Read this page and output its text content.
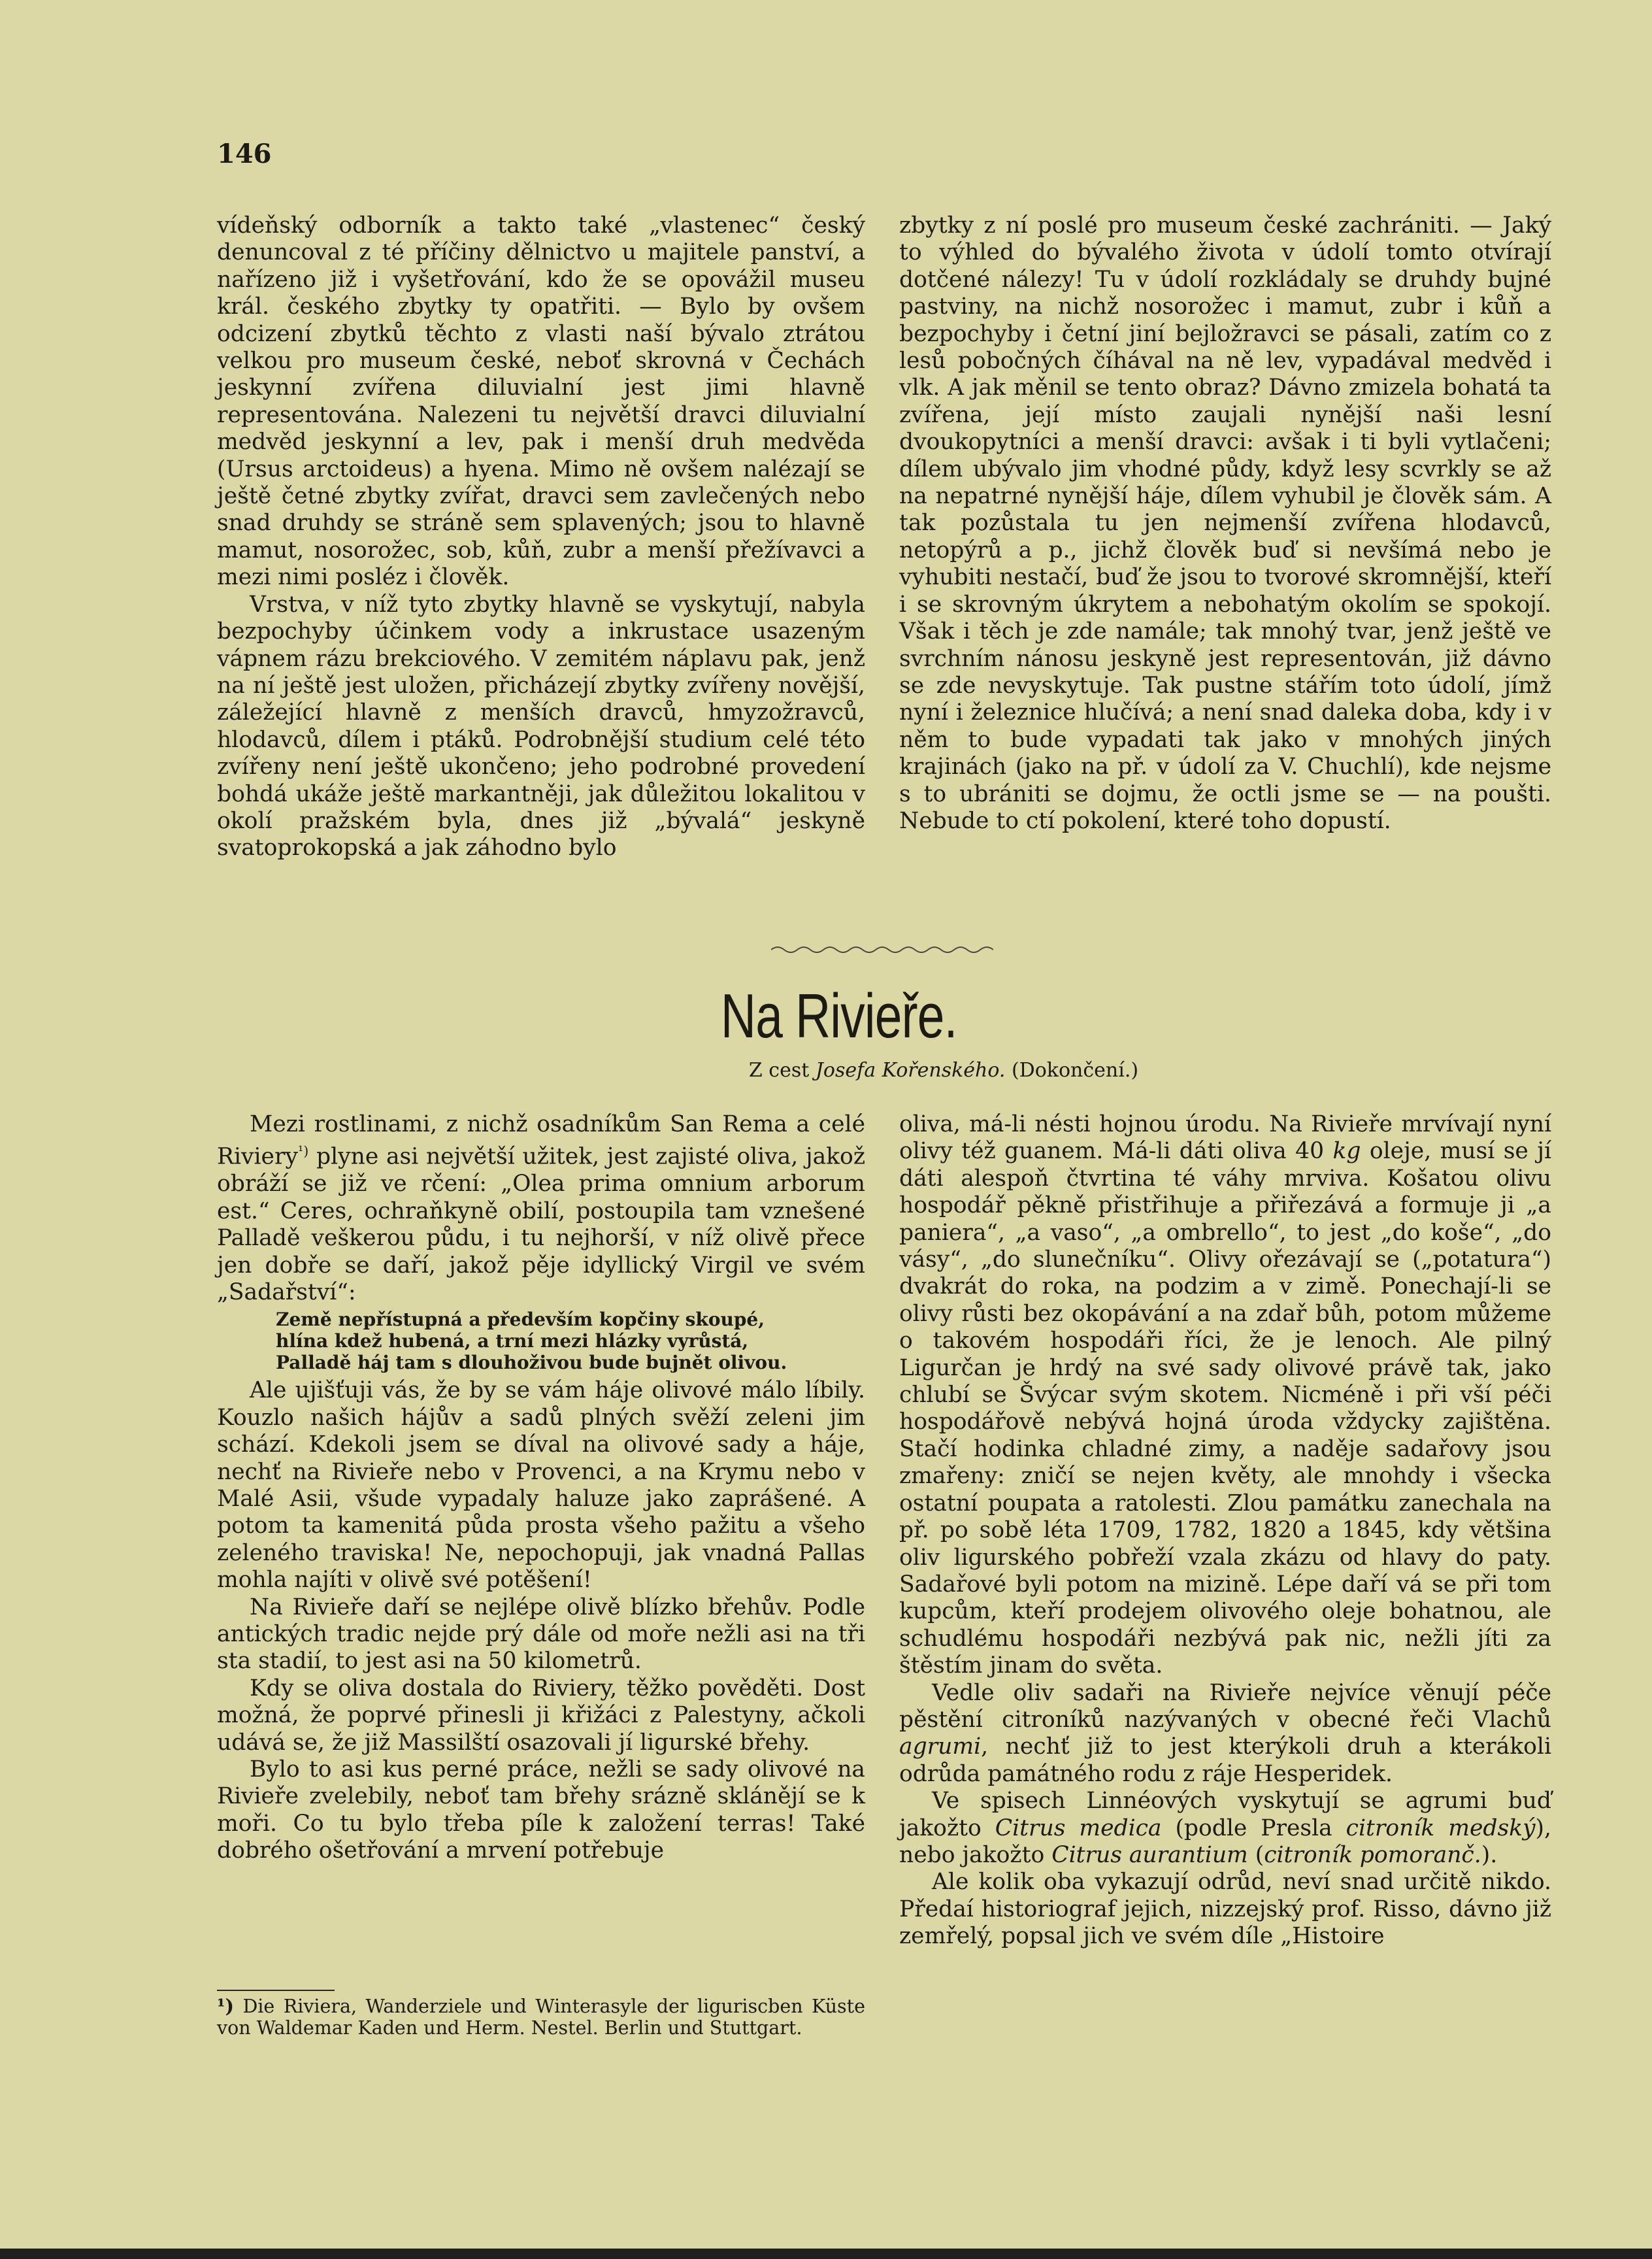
146

vídeňský odborník a takto také „vlastenec“ český denuncoval z té příčiny dělnictvo u majitele panství, a nařízeno již i vyšetřování, kdo že se opovážil museu král. českého zbytky ty opatřiti. — Bylo by ovšem odcizení zbytků těchto z vlasti naší bývalo ztrátou velkou pro museum české, neboť skrovná v Čechách jeskynní zvířena diluvialní jest jimi hlavně representována. Nalezeni tu největší dravci diluvialní medvěd jeskynní a lev, pak i menší druh medvěda (Ursus arctoideus) a hyena. Mimo ně ovšem nalézají se ještě četné zbytky zvířat, dravci sem zavlečených nebo snad druhdy se stráně sem splavených; jsou to hlavně mamut, nosorožec, sob, kůň, zubr a menší přežívavci a mezi nimi posléz i člověk.

Vrstva, v níž tyto zbytky hlavně se vyskytují, nabyla bezpochyby účinkem vody a inkrustace usazeným vápnem rázu brekciového. V zemitém náplavu pak, jenž na ní ještě jest uložen, přicházejí zbytky zvířeny novější, záležející hlavně z menších dravců, hmyzožravců, hlodavců, dílem i ptáků. Podrobnější studium celé této zvířeny není ještě ukončeno; jeho podrobné provedení bohdá ukáže ještě markantněji, jak důležitou lokalitou v okolí pražském byla, dnes již „bývalá“ jeskyně svatoprokopská a jak záhodno bylo

zbytky z ní poslé pro museum české zachrániti. — Jaký to výhled do bývalého života v údolí tomto otvírají dotčené nálezy! Tu v údolí rozkládaly se druhdy bujné pastviny, na nichž nosorožec i mamut, zubr i kůň a bezpochyby i četní jiní bejložravci se pásali, zatím co z lesů pobočných číhával na ně lev, vypadával medvěd i vlk. A jak měnil se tento obraz? Dávno zmizela bohatá ta zvířena, její místo zaujali nynější naši lesní dvoukopytníci a menší dravci: avšak i ti byli vytlačeni; dílem ubývalo jim vhodné půdy, když lesy scvrkly se až na nepatrné nynější háje, dílem vyhubil je člověk sám. A tak pozůstala tu jen nejmenší zvířena hlodavců, netopýrů a p., jichž člověk buď si nevšímá nebo je vyhubiti nestačí, buď že jsou to tvorové skromnější, kteří i se skrovným úkrytem a nebohatým okolím se spokojí. Však i těch je zde namále; tak mnohý tvar, jenž ještě ve svrchním nánosu jeskyně jest representován, již dávno se zde nevyskytuje. Tak pustne stářím toto údolí, jímž nyní i železnice hlučívá; a není snad daleka doba, kdy i v něm to bude vypadati tak jako v mnohých jiných krajinách (jako na př. v údolí za V. Chuchlí), kde nejsme s to ubrániti se dojmu, že octli jsme se — na poušti. Nebude to ctí pokolení, které toho dopustí.

Na Rivieře.
Z cest Josefa Kořenského. (Dokončení.)

Mezi rostlinami, z nichž osadníkům San Rema a celé Riviery$^{^1)}$ plyne asi největší užitek, jest zajisté oliva, jakož obráží se již ve rčení: „Olea prima omnium arborum est.“ Ceres, ochraňkyně obilí, postoupila tam vznešené Palladě veškerou půdu, i tu nejhorší, v níž olivě přece jen dobře se daří, jakož pěje idyllický Virgil ve svém „Sadařství“:

Země nepřístupná a především kopčiny skoupé,
hlína kdež hubená, a trní mezi hlázky vyrůstá,
Palladě háj tam s dlouhoživou bude bujnět olivou.

Ale ujišťuji vás, že by se vám háje olivové málo líbily. Kouzlo našich hájův a sadů plných svěží zeleni jim schází. Kdekoli jsem se díval na olivové sady a háje, nechť na Rivieře nebo v Provenci, a na Krymu nebo v Malé Asii, všude vypadaly haluze jako zaprášené. A potom ta kamenitá půda prosta všeho pažitu a všeho zeleného traviska! Ne, nepochopuji, jak vnadná Pallas mohla najíti v olivě své potěšení!

Na Rivieře daří se nejlépe olivě blízko břehův. Podle antických tradic nejde prý dále od moře nežli asi na tři sta stadií, to jest asi na 50 kilometrů.

Kdy se oliva dostala do Riviery, těžko pověděti. Dost možná, že poprvé přinesli ji křižáci z Palestyny, ačkoli udává se, že již Massilští osazovali jí ligurské břehy.

Bylo to asi kus perné práce, nežli se sady olivové na Rivieře zvelebily, neboť tam břehy srázně sklánějí se k moři. Co tu bylo třeba píle k založení terras! Také dobrého ošetřování a mrvení potřebuje

¹) Die Riviera, Wanderziele und Winterasyle der liguriscben Küste von Waldemar Kaden und Herm. Nestel. Berlin und Stuttgart.

oliva, má-li nésti hojnou úrodu. Na Rivieře mrvívají nyní olivy též guanem. Má-li dáti oliva 40 kg oleje, musí se jí dáti alespoň čtvrtina té váhy mrviva. Košatou olivu hospodář pěkně přistřihuje a přiřezává a formuje ji „a paniera“, „a vaso“, „a ombrello“, to jest „do koše“, „do vásy“, „do slunečníku“. Olivy ořezávají se („potatura“) dvakrát do roka, na podzim a v zimě. Ponechají-li se olivy růsti bez okopávání a na zdař bůh, potom můžeme o takovém hospodáři říci, že je lenoch. Ale pilný Ligurčan je hrdý na své sady olivové právě tak, jako chlubí se Švýcar svým skotem. Nicméně i při vší péči hospodářově nebývá hojná úroda vždycky zajištěna. Stačí hodinka chladné zimy, a naděje sadařovy jsou zmařeny: zničí se nejen květy, ale mnohdy i všecka ostatní poupata a ratolesti. Zlou památku zanechala na př. po sobě léta 1709, 1782, 1820 a 1845, kdy většina oliv ligurského pobřeží vzala zkázu od hlavy do paty. Sadařové byli potom na mizině. Lépe daří vá se při tom kupcům, kteří prodejem olivového oleje bohatnou, ale schudlému hospodáři nezbývá pak nic, nežli jíti za štěstím jinam do světa.

Vedle oliv sadaři na Rivieře nejvíce věnují péče pěstění citroníků nazývaných v obecné řeči Vlachů agrumi, nechť již to jest kterýkoli druh a kterákoli odrůda památného rodu z ráje Hesperidek.

Ve spisech Linnéových vyskytují se agrumi buď jakožto Citrus medica (podle Presla citroník medský), nebo jakožto Citrus aurantium (citroník pomoranč.).

Ale kolik oba vykazují odrůd, neví snad určitě nikdo. Předaí historiograf jejich, nizzejský prof. Risso, dávno již zemřelý, popsal jich ve svém díle „Histoire
